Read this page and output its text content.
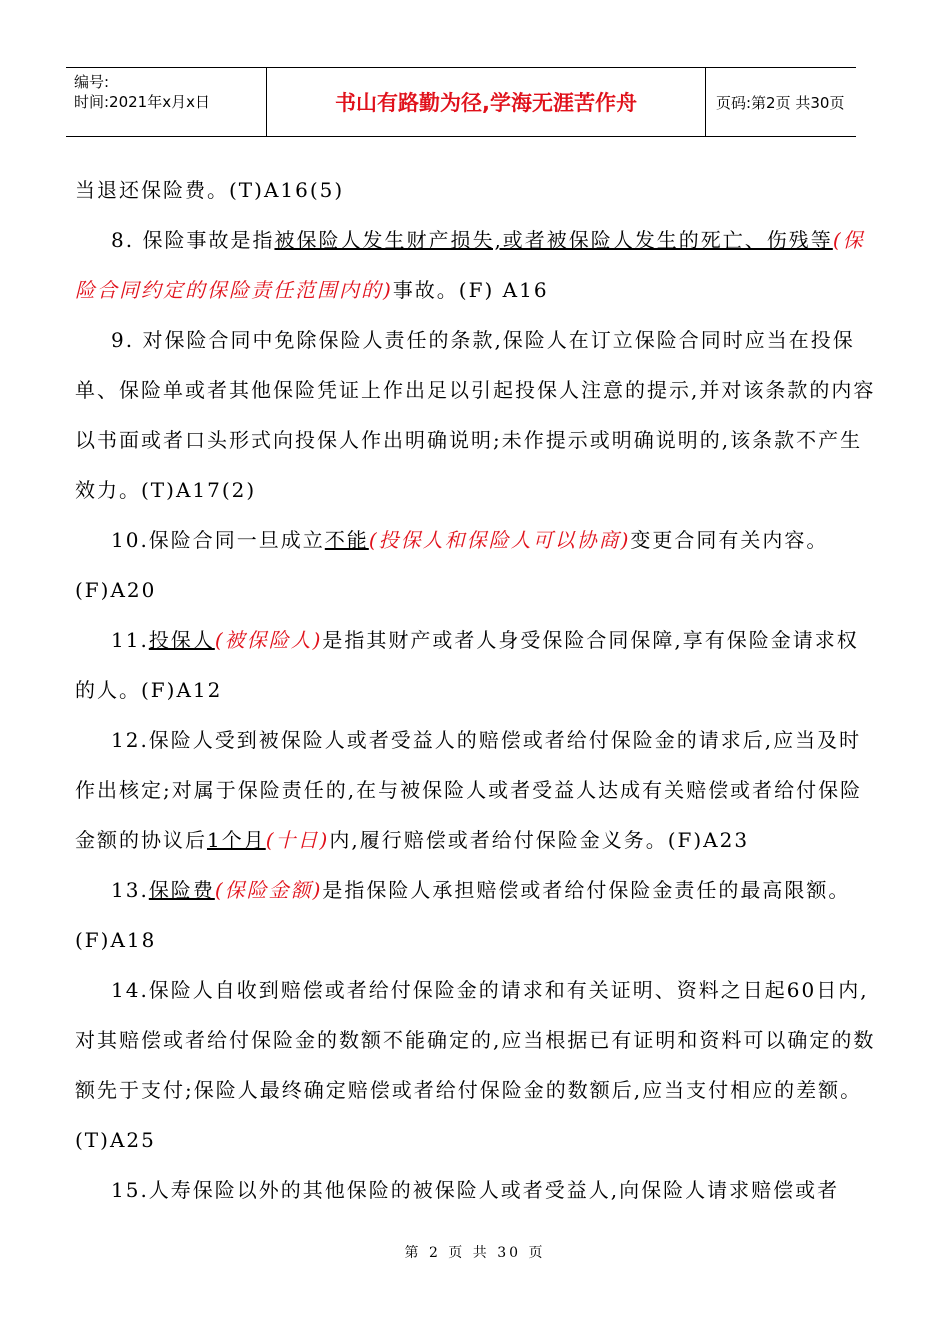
编号:
时间:2021年x月x日	书山有路勤为径,学海无涯苦作舟	页码:第2页 共30页

当退还保险费。(T)A16(5)

8. 保险事故是指被保险人发生财产损失,或者被保险人发生的死亡、伤残等(保险合同约定的保险责任范围内的)事故。(F) A16

9. 对保险合同中免除保险人责任的条款,保险人在订立保险合同时应当在投保单、保险单或者其他保险凭证上作出足以引起投保人注意的提示,并对该条款的内容以书面或者口头形式向投保人作出明确说明;未作提示或明确说明的,该条款不产生效力。(T)A17(2)

10.保险合同一旦成立不能(投保人和保险人可以协商)变更合同有关内容。(F)A20

11.投保人(被保险人)是指其财产或者人身受保险合同保障,享有保险金请求权的人。(F)A12

12.保险人受到被保险人或者受益人的赔偿或者给付保险金的请求后,应当及时作出核定;对属于保险责任的,在与被保险人或者受益人达成有关赔偿或者给付保险金额的协议后1个月(十日)内,履行赔偿或者给付保险金义务。(F)A23

13.保险费(保险金额)是指保险人承担赔偿或者给付保险金责任的最高限额。(F)A18

14.保险人自收到赔偿或者给付保险金的请求和有关证明、资料之日起60日内,对其赔偿或者给付保险金的数额不能确定的,应当根据已有证明和资料可以确定的数额先于支付;保险人最终确定赔偿或者给付保险金的数额后,应当支付相应的差额。(T)A25

15.人寿保险以外的其他保险的被保险人或者受益人,向保险人请求赔偿或者

第 2 页 共 30 页
